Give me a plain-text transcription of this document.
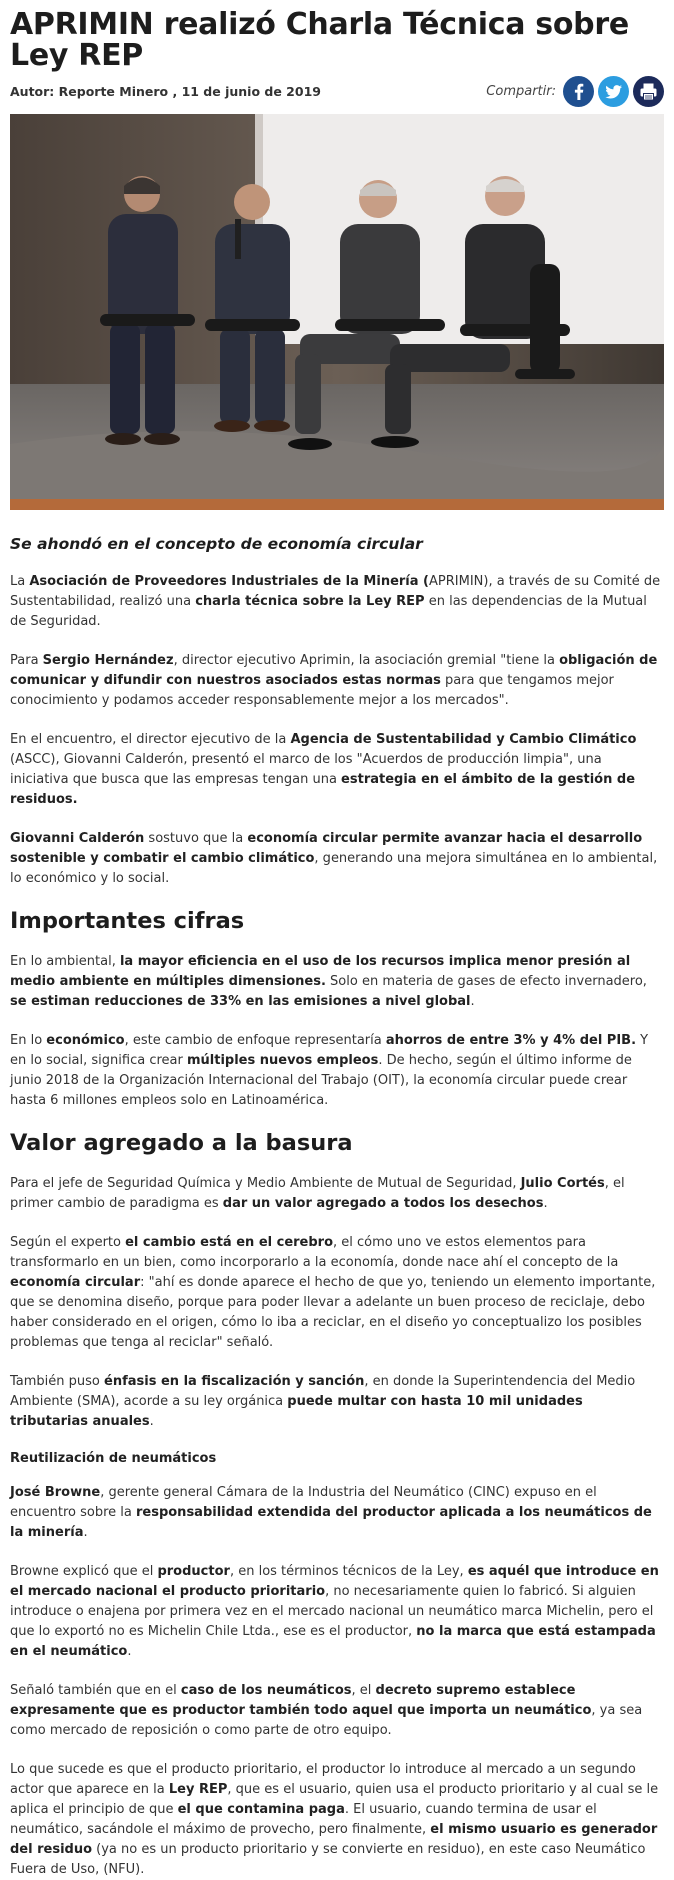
APRIMIN realizó Charla Técnica sobre Ley REP
Autor: Reporte Minero , 11 de junio de 2019	Compartir:
Se ahondó en el concepto de economía circular

La Asociación de Proveedores Industriales de la Minería (APRIMIN), a través de su Comité de Sustentabilidad, realizó una charla técnica sobre la Ley REP en las dependencias de la Mutual de Seguridad.

Para Sergio Hernández, director ejecutivo Aprimin, la asociación gremial "tiene la obligación de comunicar y difundir con nuestros asociados estas normas para que tengamos mejor conocimiento y podamos acceder responsablemente mejor a los mercados".

En el encuentro, el director ejecutivo de la Agencia de Sustentabilidad y Cambio Climático (ASCC), Giovanni Calderón, presentó el marco de los "Acuerdos de producción limpia", una iniciativa que busca que las empresas tengan una estrategia en el ámbito de la gestión de residuos.

Giovanni Calderón sostuvo que la economía circular permite avanzar hacia el desarrollo sostenible y combatir el cambio climático, generando una mejora simultánea en lo ambiental, lo económico y lo social.

Importantes cifras

En lo ambiental, la mayor eficiencia en el uso de los recursos implica menor presión al medio ambiente en múltiples dimensiones. Solo en materia de gases de efecto invernadero, se estiman reducciones de 33% en las emisiones a nivel global.

En lo económico, este cambio de enfoque representaría ahorros de entre 3% y 4% del PIB. Y en lo social, significa crear múltiples nuevos empleos. De hecho, según el último informe de junio 2018 de la Organización Internacional del Trabajo (OIT), la economía circular puede crear hasta 6 millones empleos solo en Latinoamérica.

Valor agregado a la basura

Para el jefe de Seguridad Química y Medio Ambiente de Mutual de Seguridad, Julio Cortés, el primer cambio de paradigma es dar un valor agregado a todos los desechos.

Según el experto el cambio está en el cerebro, el cómo uno ve estos elementos para transformarlo en un bien, como incorporarlo a la economía, donde nace ahí el concepto de la economía circular: "ahí es donde aparece el hecho de que yo, teniendo un elemento importante, que se denomina diseño, porque para poder llevar a adelante un buen proceso de reciclaje, debo haber considerado en el origen, cómo lo iba a reciclar, en el diseño yo conceptualizo los posibles problemas que tenga al reciclar" señaló.

También puso énfasis en la fiscalización y sanción, en donde la Superintendencia del Medio Ambiente (SMA), acorde a su ley orgánica puede multar con hasta 10 mil unidades tributarias anuales.

Reutilización de neumáticos

José Browne, gerente general Cámara de la Industria del Neumático (CINC) expuso en el encuentro sobre la responsabilidad extendida del productor aplicada a los neumáticos de la minería.

Browne explicó que el productor, en los términos técnicos de la Ley, es aquél que introduce en el mercado nacional el producto prioritario, no necesariamente quien lo fabricó. Si alguien introduce o enajena por primera vez en el mercado nacional un neumático marca Michelin, pero el que lo exportó no es Michelin Chile Ltda., ese es el productor, no la marca que está estampada en el neumático.

Señaló también que en el caso de los neumáticos, el decreto supremo establece expresamente que es productor también todo aquel que importa un neumático, ya sea como mercado de reposición o como parte de otro equipo.

Lo que sucede es que el producto prioritario, el productor lo introduce al mercado a un segundo actor que aparece en la Ley REP, que es el usuario, quien usa el producto prioritario y al cual se le aplica el principio de que el que contamina paga. El usuario, cuando termina de usar el neumático, sacándole el máximo de provecho, pero finalmente, el mismo usuario es generador del residuo (ya no es un producto prioritario y se convierte en residuo), en este caso Neumático Fuera de Uso, (NFU).
